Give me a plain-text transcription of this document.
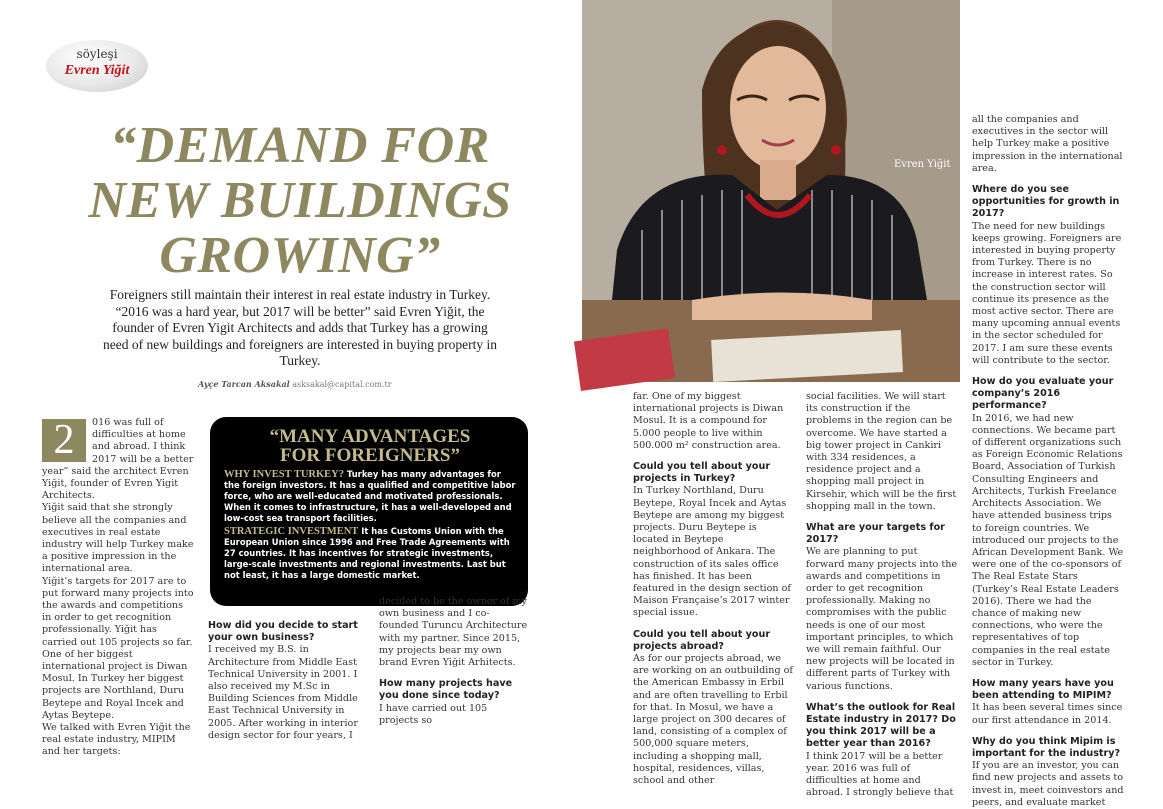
söyleşi
Evren Yiğit
“DEMAND FOR
NEW BUILDINGS
GROWING”
Foreigners still maintain their interest in real estate industry in Turkey. “2016 was a hard year, but 2017 will be better” said Evren Yiğit, the founder of Evren Yigit Architects and adds that Turkey has a growing need of new buildings and foreigners are interested in buying property in Turkey.
Ayçe Tarcan Aksakal asksakal@capital.com.tr
2	016 was full of difficulties at home and abroad. I think 2017 will be a better year” said the architect Evren Yiğit, founder of Evren Yigit Architects.

Yiğit said that she strongly believe all the companies and executives in real estate industry will help Turkey make a positive impression in the international area.

Yiğit’s targets for 2017 are to put forward many projects into the awards and competitions in order to get recognition professionally. Yiğit has carried out 105 projects so far. One of her biggest international project is Diwan Mosul. In Turkey her biggest projects are Northland, Duru Beytepe and Royal Incek and Aytas Beytepe.

We talked with Evren Yiğit the real estate industry, MIPIM and her targets:

“MANY ADVANTAGES
FOR FOREIGNERS”

WHY INVEST TURKEY? Turkey has many advantages for the foreign investors. It has a qualified and competitive labor force, who are well-educated and motivated professionals. When it comes to infrastructure, it has a well-developed and low-cost sea transport facilities.

STRATEGIC INVESTMENT It has Customs Union with the European Union since 1996 and Free Trade Agreements with 27 countries. It has incentives for strategic investments, large-scale investments and regional investments. Last but not least, it has a large domestic market.

How did you decide to start your own business?

I received my B.S. in Architecture from Middle East Technical University in 2001. I also received my M.Sc in Building Sciences from Middle East Technical University in 2005. After working in interior design sector for four years, I

decided to be the owner of my own business and I co-founded Turuncu Architecture with my partner. Since 2015, my projects bear my own brand Evren Yiğit Arhitects.

How many projects have you done since today?

I have carried out 105 projects so

Evren Yiğit

far. One of my biggest international projects is Diwan Mosul. It is a compound for 5.000 people to live within 500.000 m² construction area.

Could you tell about your projects in Turkey?

In Turkey Northland, Duru Beytepe, Royal Incek and Aytas Beytepe are among my biggest projects. Duru Beytepe is located in Beytepe neighborhood of Ankara. The construction of its sales office has finished. It has been featured in the design section of Maison Française’s 2017 winter special issue.

Could you tell about your projects abroad?

As for our projects abroad, we are working on an outbuilding of the American Embassy in Erbil and are often travelling to Erbil for that. In Mosul, we have a large project on 300 decares of land, consisting of a complex of 500,000 square meters, including a shopping mall, hospital, residences, villas, school and other

social facilities. We will start its construction if the problems in the region can be overcome. We have started a big tower project in Cankiri with 334 residences, a residence project and a shopping mall project in Kirsehir, which will be the first shopping mall in the town.

What are your targets for 2017?

We are planning to put forward many projects into the awards and competitions in order to get recognition professionally. Making no compromises with the public needs is one of our most important principles, to which we will remain faithful. Our new projects will be located in different parts of Turkey with various functions.

What’s the outlook for Real Estate industry in 2017? Do you think 2017 will be a better year than 2016?

I think 2017 will be a better year. 2016 was full of difficulties at home and abroad. I strongly believe that

all the companies and executives in the sector will help Turkey make a positive impression in the international area.

Where do you see opportunities for growth in 2017?

The need for new buildings keeps growing. Foreigners are interested in buying property from Turkey. There is no increase in interest rates. So the construction sector will continue its presence as the most active sector. There are many upcoming annual events in the sector scheduled for 2017. I am sure these events will contribute to the sector.

How do you evaluate your company’s 2016 performance?

In 2016, we had new connections. We became part of different organizations such as Foreign Economic Relations Board, Association of Turkish Consulting Engineers and Architects, Turkish Freelance Architects Association. We have attended business trips to foreign countries. We introduced our projects to the African Development Bank. We were one of the co-sponsors of The Real Estate Stars (Turkey’s Real Estate Leaders 2016). There we had the chance of making new connections, who were the representatives of top companies in the real estate sector in Turkey.

How many years have you been attending to MIPIM?

It has been several times since our first attendance in 2014.

Why do you think Mipim is important for the industry?

If you are an investor, you can find new projects and assets to invest in, meet coinvestors and peers, and evaluate market
